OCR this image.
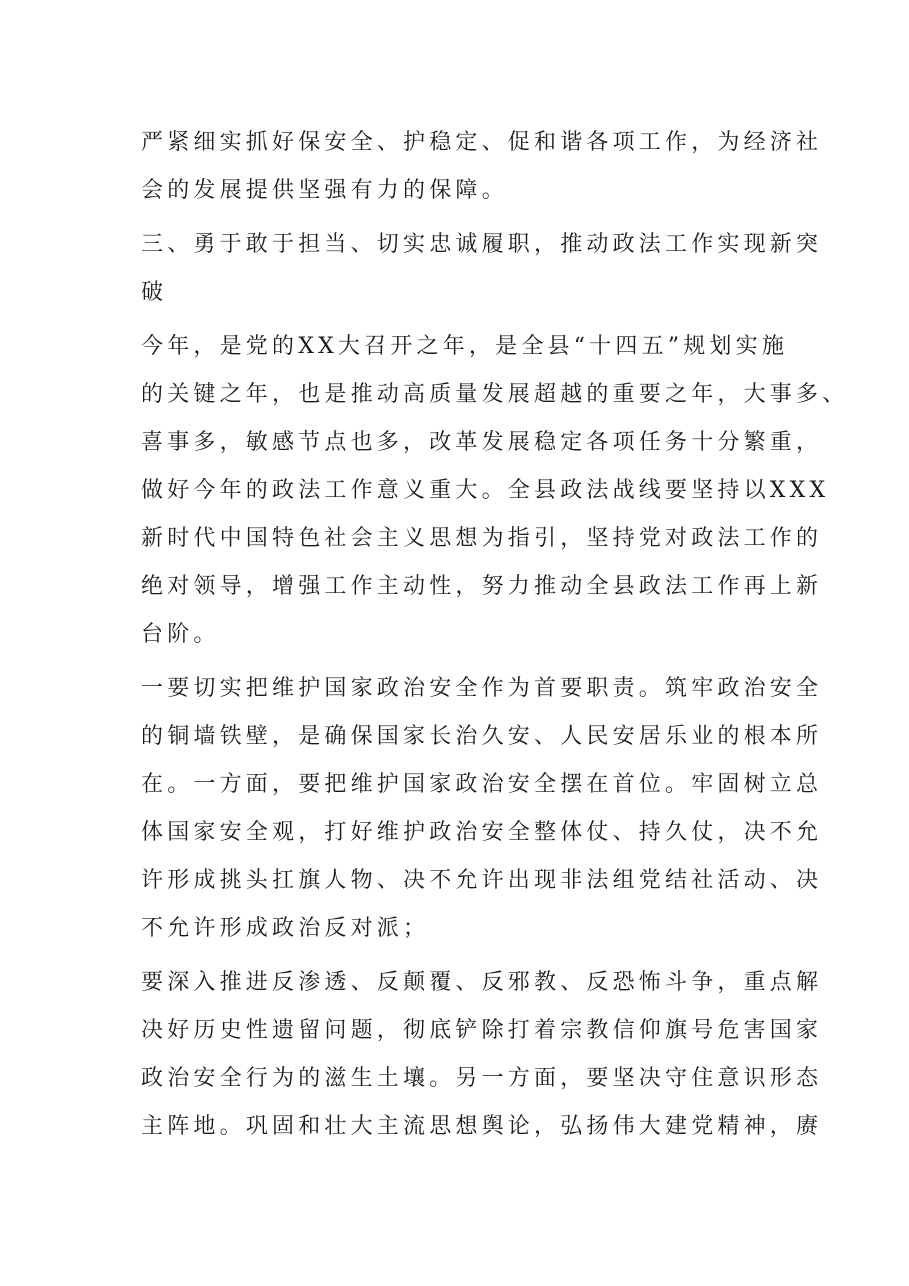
严紧细实抓好保安全、护稳定、促和谐各项工作，为经济社

会的发展提供坚强有力的保障。

三、勇于敢于担当、切实忠诚履职，推动政法工作实现新突

破

今年，是党的XX大召开之年，是全县“十四五”规划实施

的关键之年，也是推动高质量发展超越的重要之年，大事多、

喜事多，敏感节点也多，改革发展稳定各项任务十分繁重，

做好今年的政法工作意义重大。全县政法战线要坚持以XXX

新时代中国特色社会主义思想为指引，坚持党对政法工作的

绝对领导，增强工作主动性，努力推动全县政法工作再上新

台阶。

一要切实把维护国家政治安全作为首要职责。筑牢政治安全

的铜墙铁壁，是确保国家长治久安、人民安居乐业的根本所

在。一方面，要把维护国家政治安全摆在首位。牢固树立总

体国家安全观，打好维护政治安全整体仗、持久仗，决不允

许形成挑头扛旗人物、决不允许出现非法组党结社活动、决

不允许形成政治反对派；

要深入推进反渗透、反颠覆、反邪教、反恐怖斗争，重点解

决好历史性遗留问题，彻底铲除打着宗教信仰旗号危害国家

政治安全行为的滋生土壤。另一方面，要坚决守住意识形态

主阵地。巩固和壮大主流思想舆论，弘扬伟大建党精神，赓
